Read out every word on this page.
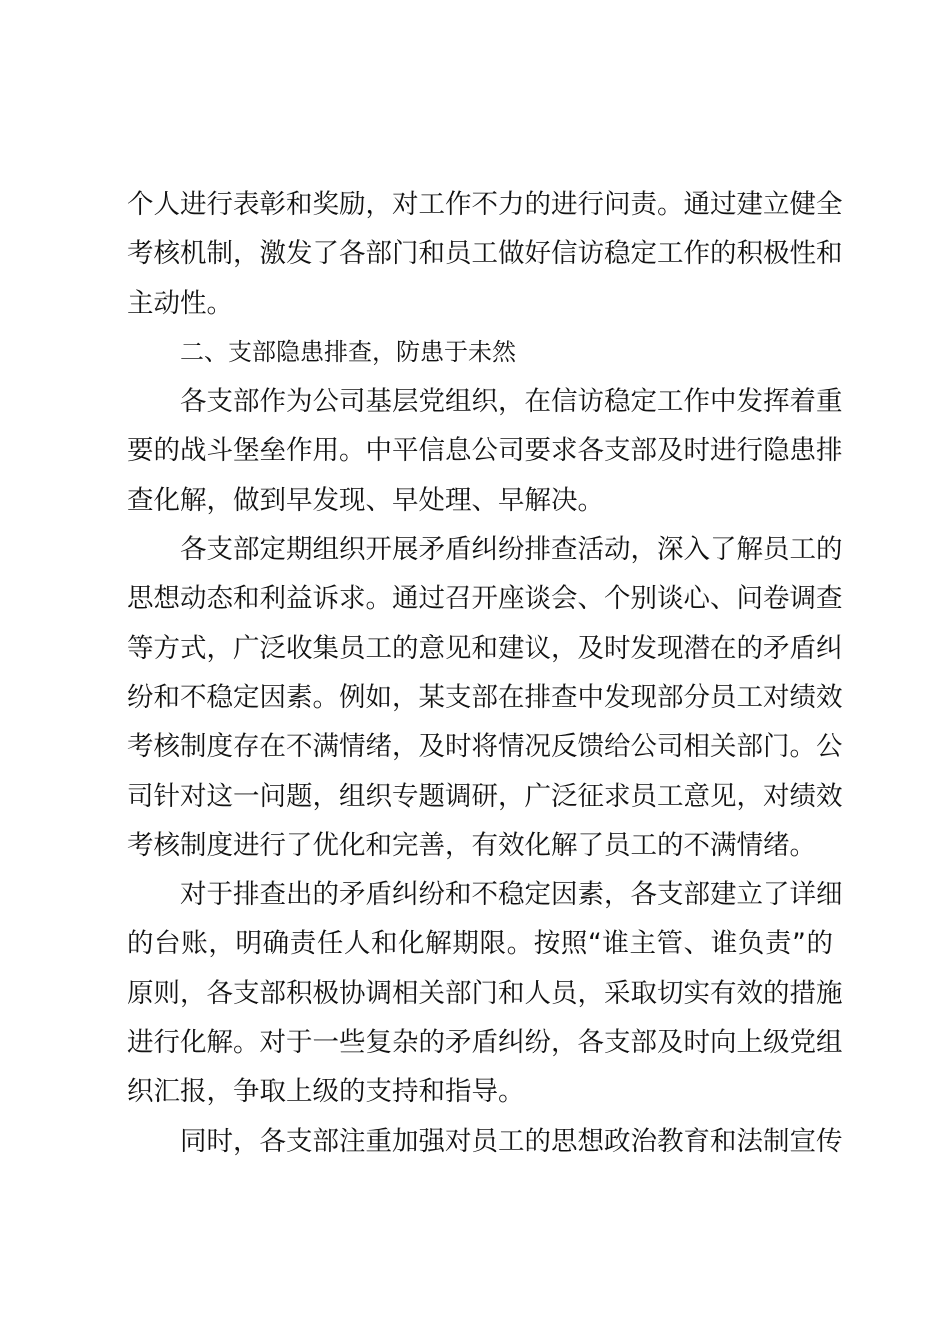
个人进行表彰和奖励，对工作不力的进行问责。通过建立健全
考核机制，激发了各部门和员工做好信访稳定工作的积极性和
主动性。
二、支部隐患排查，防患于未然
各支部作为公司基层党组织，在信访稳定工作中发挥着重
要的战斗堡垒作用。中平信息公司要求各支部及时进行隐患排
查化解，做到早发现、早处理、早解决。
各支部定期组织开展矛盾纠纷排查活动，深入了解员工的
思想动态和利益诉求。通过召开座谈会、个别谈心、问卷调查
等方式，广泛收集员工的意见和建议，及时发现潜在的矛盾纠
纷和不稳定因素。例如，某支部在排查中发现部分员工对绩效
考核制度存在不满情绪，及时将情况反馈给公司相关部门。公
司针对这一问题，组织专题调研，广泛征求员工意见，对绩效
考核制度进行了优化和完善，有效化解了员工的不满情绪。
对于排查出的矛盾纠纷和不稳定因素，各支部建立了详细
的台账，明确责任人和化解期限。按照“谁主管、谁负责”的
原则，各支部积极协调相关部门和人员，采取切实有效的措施
进行化解。对于一些复杂的矛盾纠纷，各支部及时向上级党组
织汇报，争取上级的支持和指导。
同时，各支部注重加强对员工的思想政治教育和法制宣传
